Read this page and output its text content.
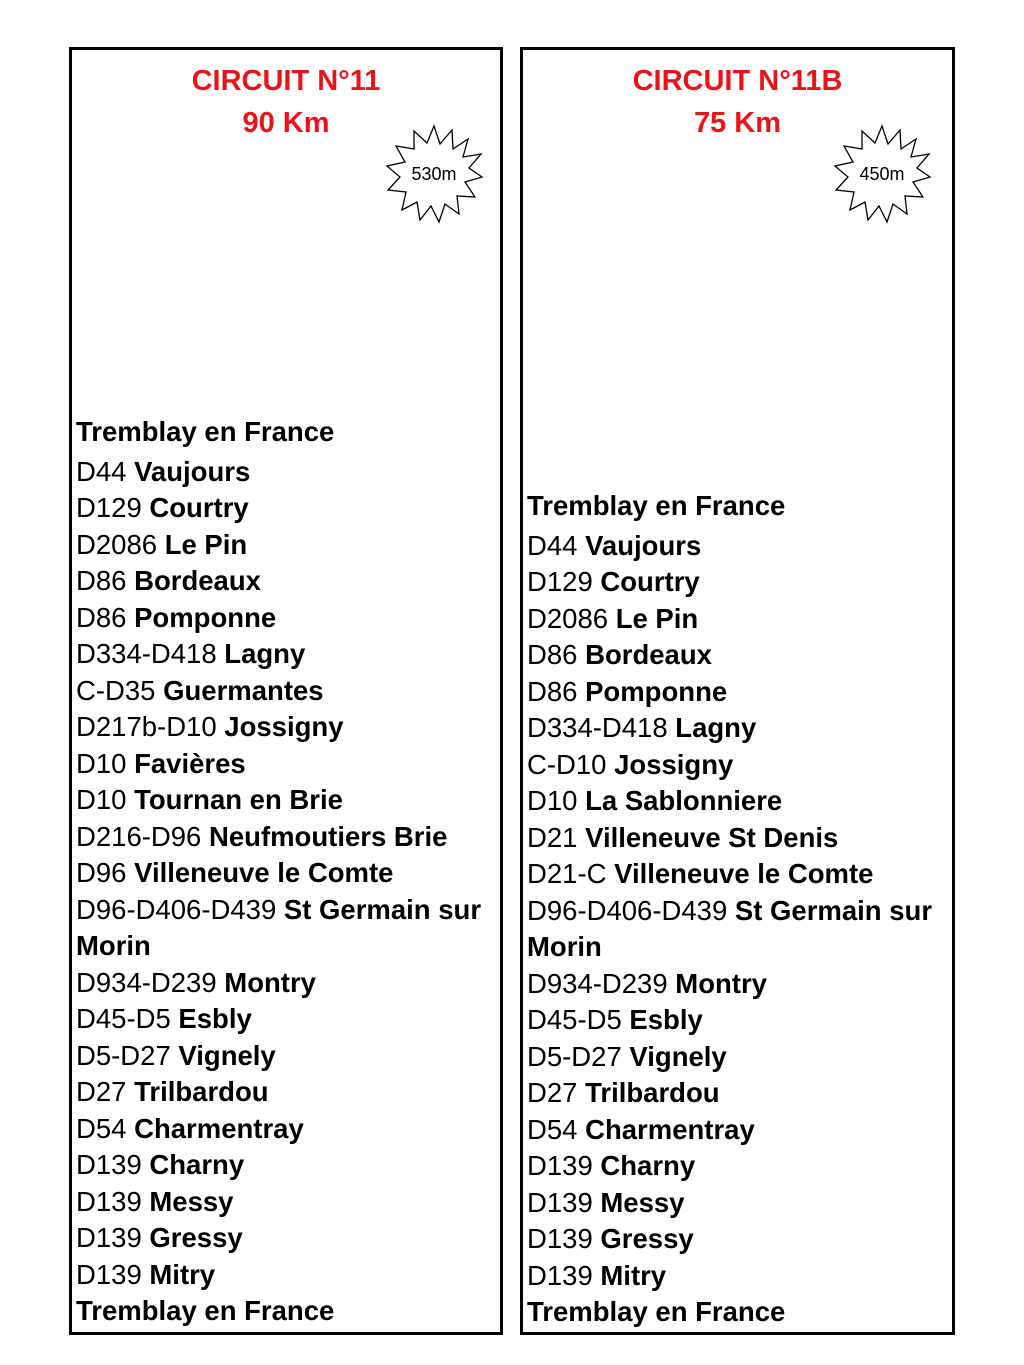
CIRCUIT N°11
90 Km
530m
Tremblay en France
D44 Vaujours
D129 Courtry
D2086 Le Pin
D86 Bordeaux
D86 Pomponne
D334-D418 Lagny
C-D35 Guermantes
D217b-D10 Jossigny
D10 Favières
D10 Tournan en Brie
D216-D96 Neufmoutiers Brie
D96 Villeneuve le Comte
D96-D406-D439 St Germain sur Morin
D934-D239 Montry
D45-D5 Esbly
D5-D27 Vignely
D27 Trilbardou
D54 Charmentray
D139 Charny
D139 Messy
D139 Gressy
D139 Mitry
Tremblay en France
CIRCUIT N°11B
75 Km
450m
Tremblay en France
D44 Vaujours
D129 Courtry
D2086 Le Pin
D86 Bordeaux
D86 Pomponne
D334-D418 Lagny
C-D10 Jossigny
D10 La Sablonniere
D21 Villeneuve St Denis
D21-C Villeneuve le Comte
D96-D406-D439 St Germain sur Morin
D934-D239 Montry
D45-D5 Esbly
D5-D27 Vignely
D27 Trilbardou
D54 Charmentray
D139 Charny
D139 Messy
D139 Gressy
D139 Mitry
Tremblay en France
